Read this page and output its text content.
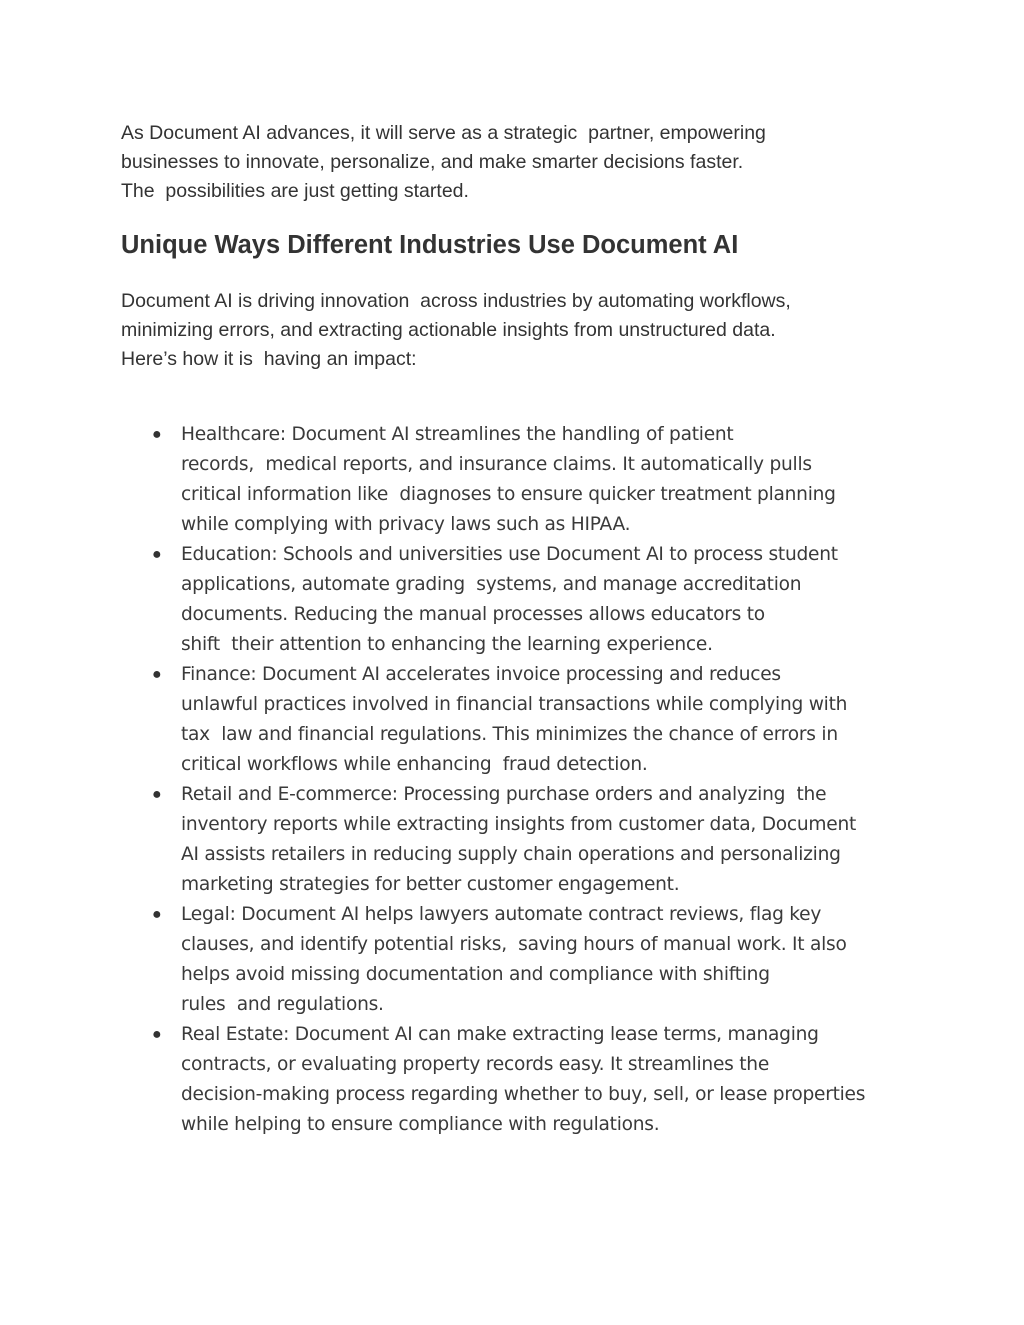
As Document AI advances, it will serve as a strategic  partner, empowering
businesses to innovate, personalize, and make smarter decisions faster.
The  possibilities are just getting started.
Unique Ways Different Industries Use Document AI
Document AI is driving innovation  across industries by automating workflows,
minimizing errors, and extracting actionable insights from unstructured data.
Here’s how it is  having an impact:
● Healthcare: Document AI streamlines the handling of patient
records,  medical reports, and insurance claims. It automatically pulls
critical information like  diagnoses to ensure quicker treatment planning
while complying with privacy laws such as HIPAA.
● Education: Schools and universities use Document AI to process student
applications, automate grading  systems, and manage accreditation
documents. Reducing the manual processes allows educators to
shift  their attention to enhancing the learning experience.
● Finance: Document AI accelerates invoice processing and reduces
unlawful practices involved in financial transactions while complying with
tax  law and financial regulations. This minimizes the chance of errors in
critical workflows while enhancing  fraud detection.
● Retail and E-commerce: Processing purchase orders and analyzing  the
inventory reports while extracting insights from customer data, Document
AI assists retailers in reducing supply chain operations and personalizing
marketing strategies for better customer engagement.
● Legal: Document AI helps lawyers automate contract reviews, flag key
clauses, and identify potential risks,  saving hours of manual work. It also
helps avoid missing documentation and compliance with shifting
rules  and regulations.
● Real Estate: Document AI can make extracting lease terms, managing
contracts, or evaluating property records easy. It streamlines the
decision-making process regarding whether to buy, sell, or lease properties
while helping to ensure compliance with regulations.
